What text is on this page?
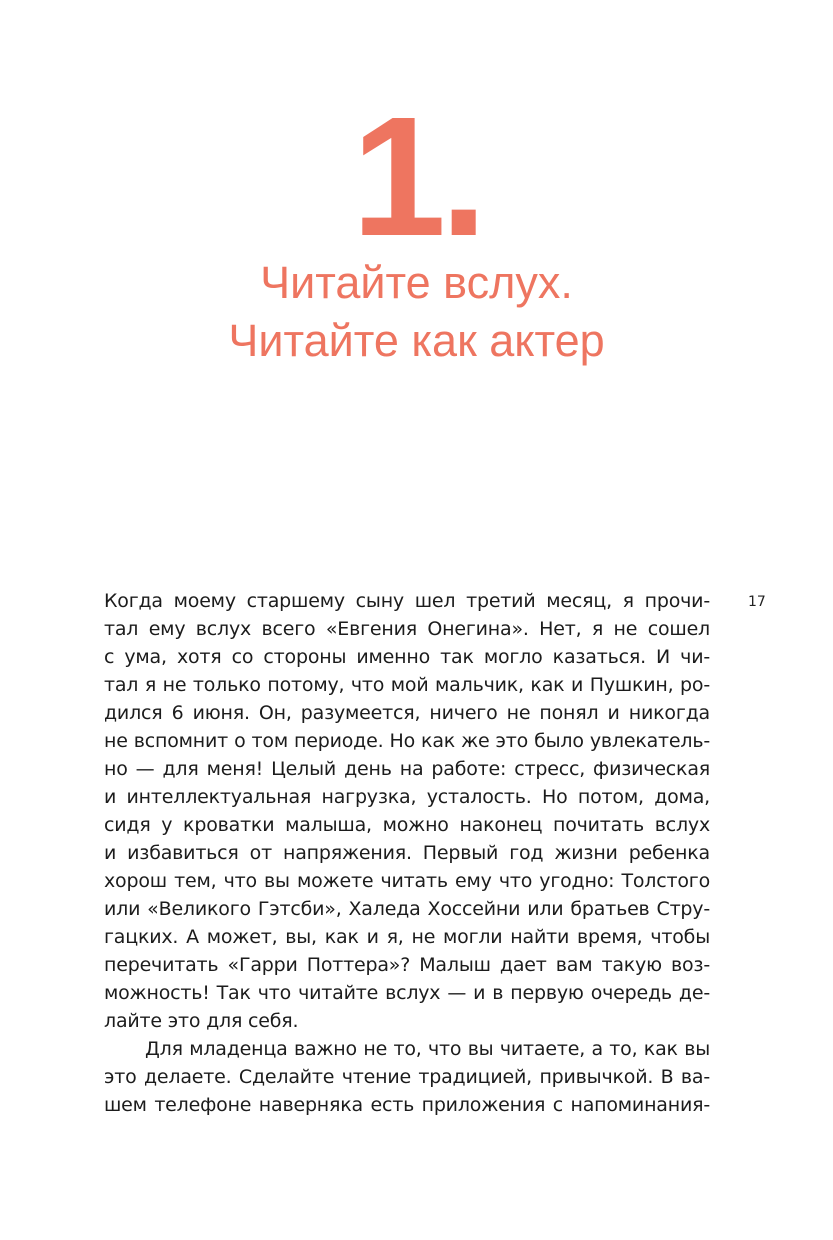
1.
Читайте вслух.
Читайте как актер
17
Когда моему старшему сыну шел третий месяц, я прочи-
тал ему вслух всего «Евгения Онегина». Нет, я не сошел
с ума, хотя со стороны именно так могло казаться. И чи-
тал я не только потому, что мой мальчик, как и Пушкин, ро-
дился 6 июня. Он, разумеется, ничего не понял и никогда
не вспомнит о том периоде. Но как же это было увлекатель-
но — для меня! Целый день на работе: стресс, физическая
и интеллектуальная нагрузка, усталость. Но потом, дома,
сидя у кроватки малыша, можно наконец почитать вслух
и избавиться от напряжения. Первый год жизни ребенка
хорош тем, что вы можете читать ему что угодно: Толстого
или «Великого Гэтсби», Халеда Хоссейни или братьев Стру-
гацких. А может, вы, как и я, не могли найти время, чтобы
перечитать «Гарри Поттера»? Малыш дает вам такую воз-
можность! Так что читайте вслух — и в первую очередь де-
лайте это для себя.
Для младенца важно не то, что вы читаете, а то, как вы
это делаете. Сделайте чтение традицией, привычкой. В ва-
шем телефоне наверняка есть приложения с напоминания-
